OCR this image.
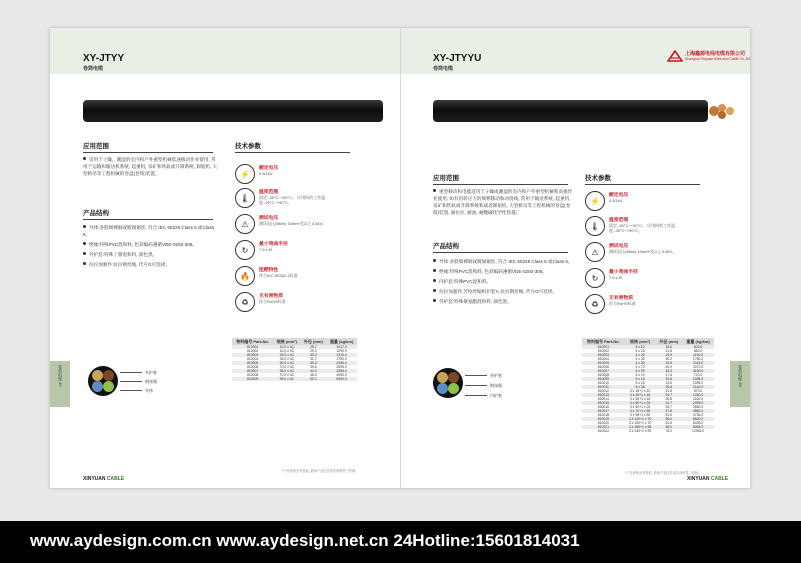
XY-JTYY
卷筒电缆
应用范围
适用于干燥、潮湿的室内和户外重型机械低速移动作业使用, 常用于运输和输送机系统, 起重机, 采矿和铁轨或升降系统, 卸船机, 大型桥吊等工程机械的卷盘(卷筒)装置。
产品结构
导体:多股细裸铜或镀锡铜丝, 符合 IEC 60228 Class 5 或Class 6。
绝缘:特殊PVC混和料, 色彩编码遵循VDE-0293-308。
外护套:特殊丁腈混和料, 颜色黑。
抗拉加强件:抗拉钢丝绳, 代号G可选择。
技术参数
⚡
额定电压
0.6/1kV
🌡
温度范围
固定:-25°C~+90°C。 应用时的工作温度:-25°C~+90°C。
⚠
测试电压
测试电压(5Min) 10mm²及以上3.5kV。
↻
最小弯曲半径
7.5 x Ø
🔥
阻燃特性
符合IEC 60332-1标准
♻
无有害物质
符合RoHS标准
外护套
钢丝绳
导体
物料编号 Part-No.	规格 (mm²)	外径 (mm)	重量 (kg/km)
810001	10.0 x 4C	25.7	1017.0
810002	16.0 x 4C	29.3	1290.0
810003	25.0 x 4C	33.0	1375.0
810004	35.0 x 4C	31.7	1780.0
810005	50.0 x 4C	35.3	2485.0
810006	70.0 x 4C	39.5	2695.0
810007	95.0 x 4C	44.3	3355.0
810008	70.0 x 4C	46.0	4050.0
810009	95.0 x 4C	50.3	6490.0
*产品规格参考数值, 最新产品信息请咨询销售工程师。
XINYUAN CABLE
卷筒电缆 40
XY-JTYYU
卷筒电缆
上海鑫源电线电缆有限公司
Shanghai Xinyuan Wire and Cable Co.,ltd
应用范围
重型移动和电缆适用于干燥或潮湿的室内和户外重型机械和高强作业使用, 如有扭转应力的频繁移动和动绕线, 常用于输送系统, 起重机, 采矿和铁轨或升降系统和或者卸船机, 大型桥吊等工程机械的卷盘(卷筒)装置, 耐抗拉, 耐油, 耐酸碱化学性优越。
产品结构
导体:多股细裸铜或镀锡铜丝, 符合 IEC 60228 Class 5 或Class 6。
绝缘:特殊PVC混和料, 色彩编码遵循VDE-0293-308。
内护套:特殊PVC混和料。
抗拉加强件:芳纶丝编织护套Y, 抗拉钢丝绳, 代号G可选择。
外护套:特殊聚氨酯混和料, 颜色黑。
技术参数
⚡
额定电压
0.6/1kV
🌡
温度范围
固定:-50°C~+90°C。 应用时的工作温度:-35°C~+90°C。
⚠
测试电压
测试电压(5Min) 10mm²及以上3.5kV。
↻
最小弯曲半径
7.5 x Ø
♻
无有害物质
符合RoHS标准
外护套
钢丝绳
内护套
物料编号 Part-No.	规格 (mm²)	外径 (mm)	重量 (kg/km)
810001	4 x 10	18.6	600.0
810002	4 x 16	21.8	850.0
810003	4 x 25	24.9	1130.0
810004	4 x 35	30.2	1780.0
810005	4 x 50	33.6	2415.0
810006	4 x 70	40.0	3070.0
810007	4 x 95	44.3	4150.0
810008	5 x 10	17.6	720.0
810009	5 x 16	19.8	1035.0
810010	5 x 25	24.6	1595.0
810011	5 x 35	26.8	2140.0
810012	3 x 16+1 x 10	21.8	870.0
810013	3 x 25+1 x 16	24.7	1040.0
810014	3 x 35+1 x 16	26.8	1160.0
810015	3 x 50+1 x 25	31.7	1995.0
810016	3 x 50+1 x 25	33.7	2850.0
810017	3 x 70+1 x 35	47.6	3860.0
810018	3 x 95+1 x 50	51.6	4735.0
810019	3 x 120+1 x 70	56.0	5820.0
810020	3 x 150+1 x 70	61.6	6435.0
810021	3 x 185+1 x 95	68.0	8095.0
810022	3 x 240+1 x 95	78.0	10945.0
*产品规格参考数值, 最新产品信息请咨询销售工程师。
XINYUAN CABLE
卷筒电缆 38
www.aydesign.com.cn www.aydesign.net.cn 24Hotline:15601814031
